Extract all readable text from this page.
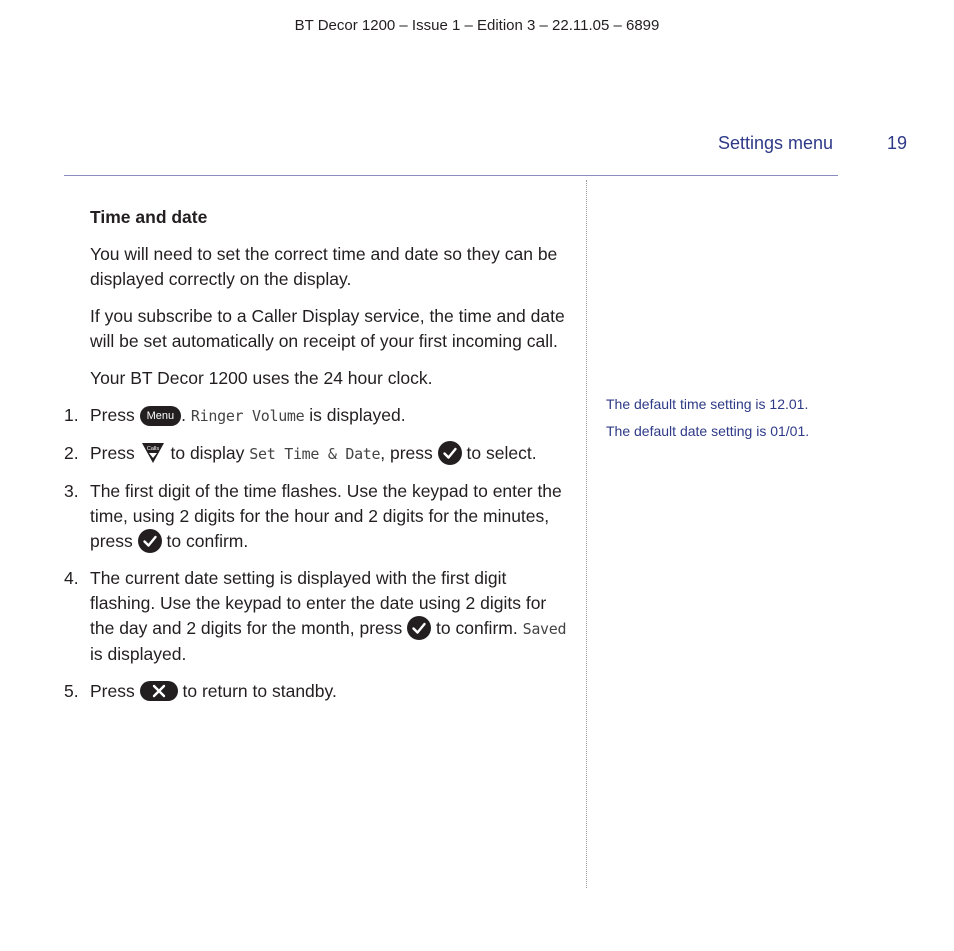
BT Decor 1200 – Issue 1 – Edition 3 – 22.11.05 – 6899
Settings menu	19
Time and date

You will need to set the correct time and date so they can be displayed correctly on the display.

If you subscribe to a Caller Display service, the time and date will be set automatically on receipt of your first incoming call.

Your BT Decor 1200 uses the 24 hour clock.

1. Press Menu . Ringer Volume is displayed.
2. Press Calls to display Set Time & Date, press to select.
3. The first digit of the time flashes. Use the keypad to enter the time, using 2 digits for the hour and 2 digits for the minutes, press to confirm.
4. The current date setting is displayed with the first digit flashing. Use the keypad to enter the date using 2 digits for the day and 2 digits for the month, press to confirm. Saved is displayed.
5. Press	to return to standby.
The default time setting is 12.01.
The default date setting is 01/01.
